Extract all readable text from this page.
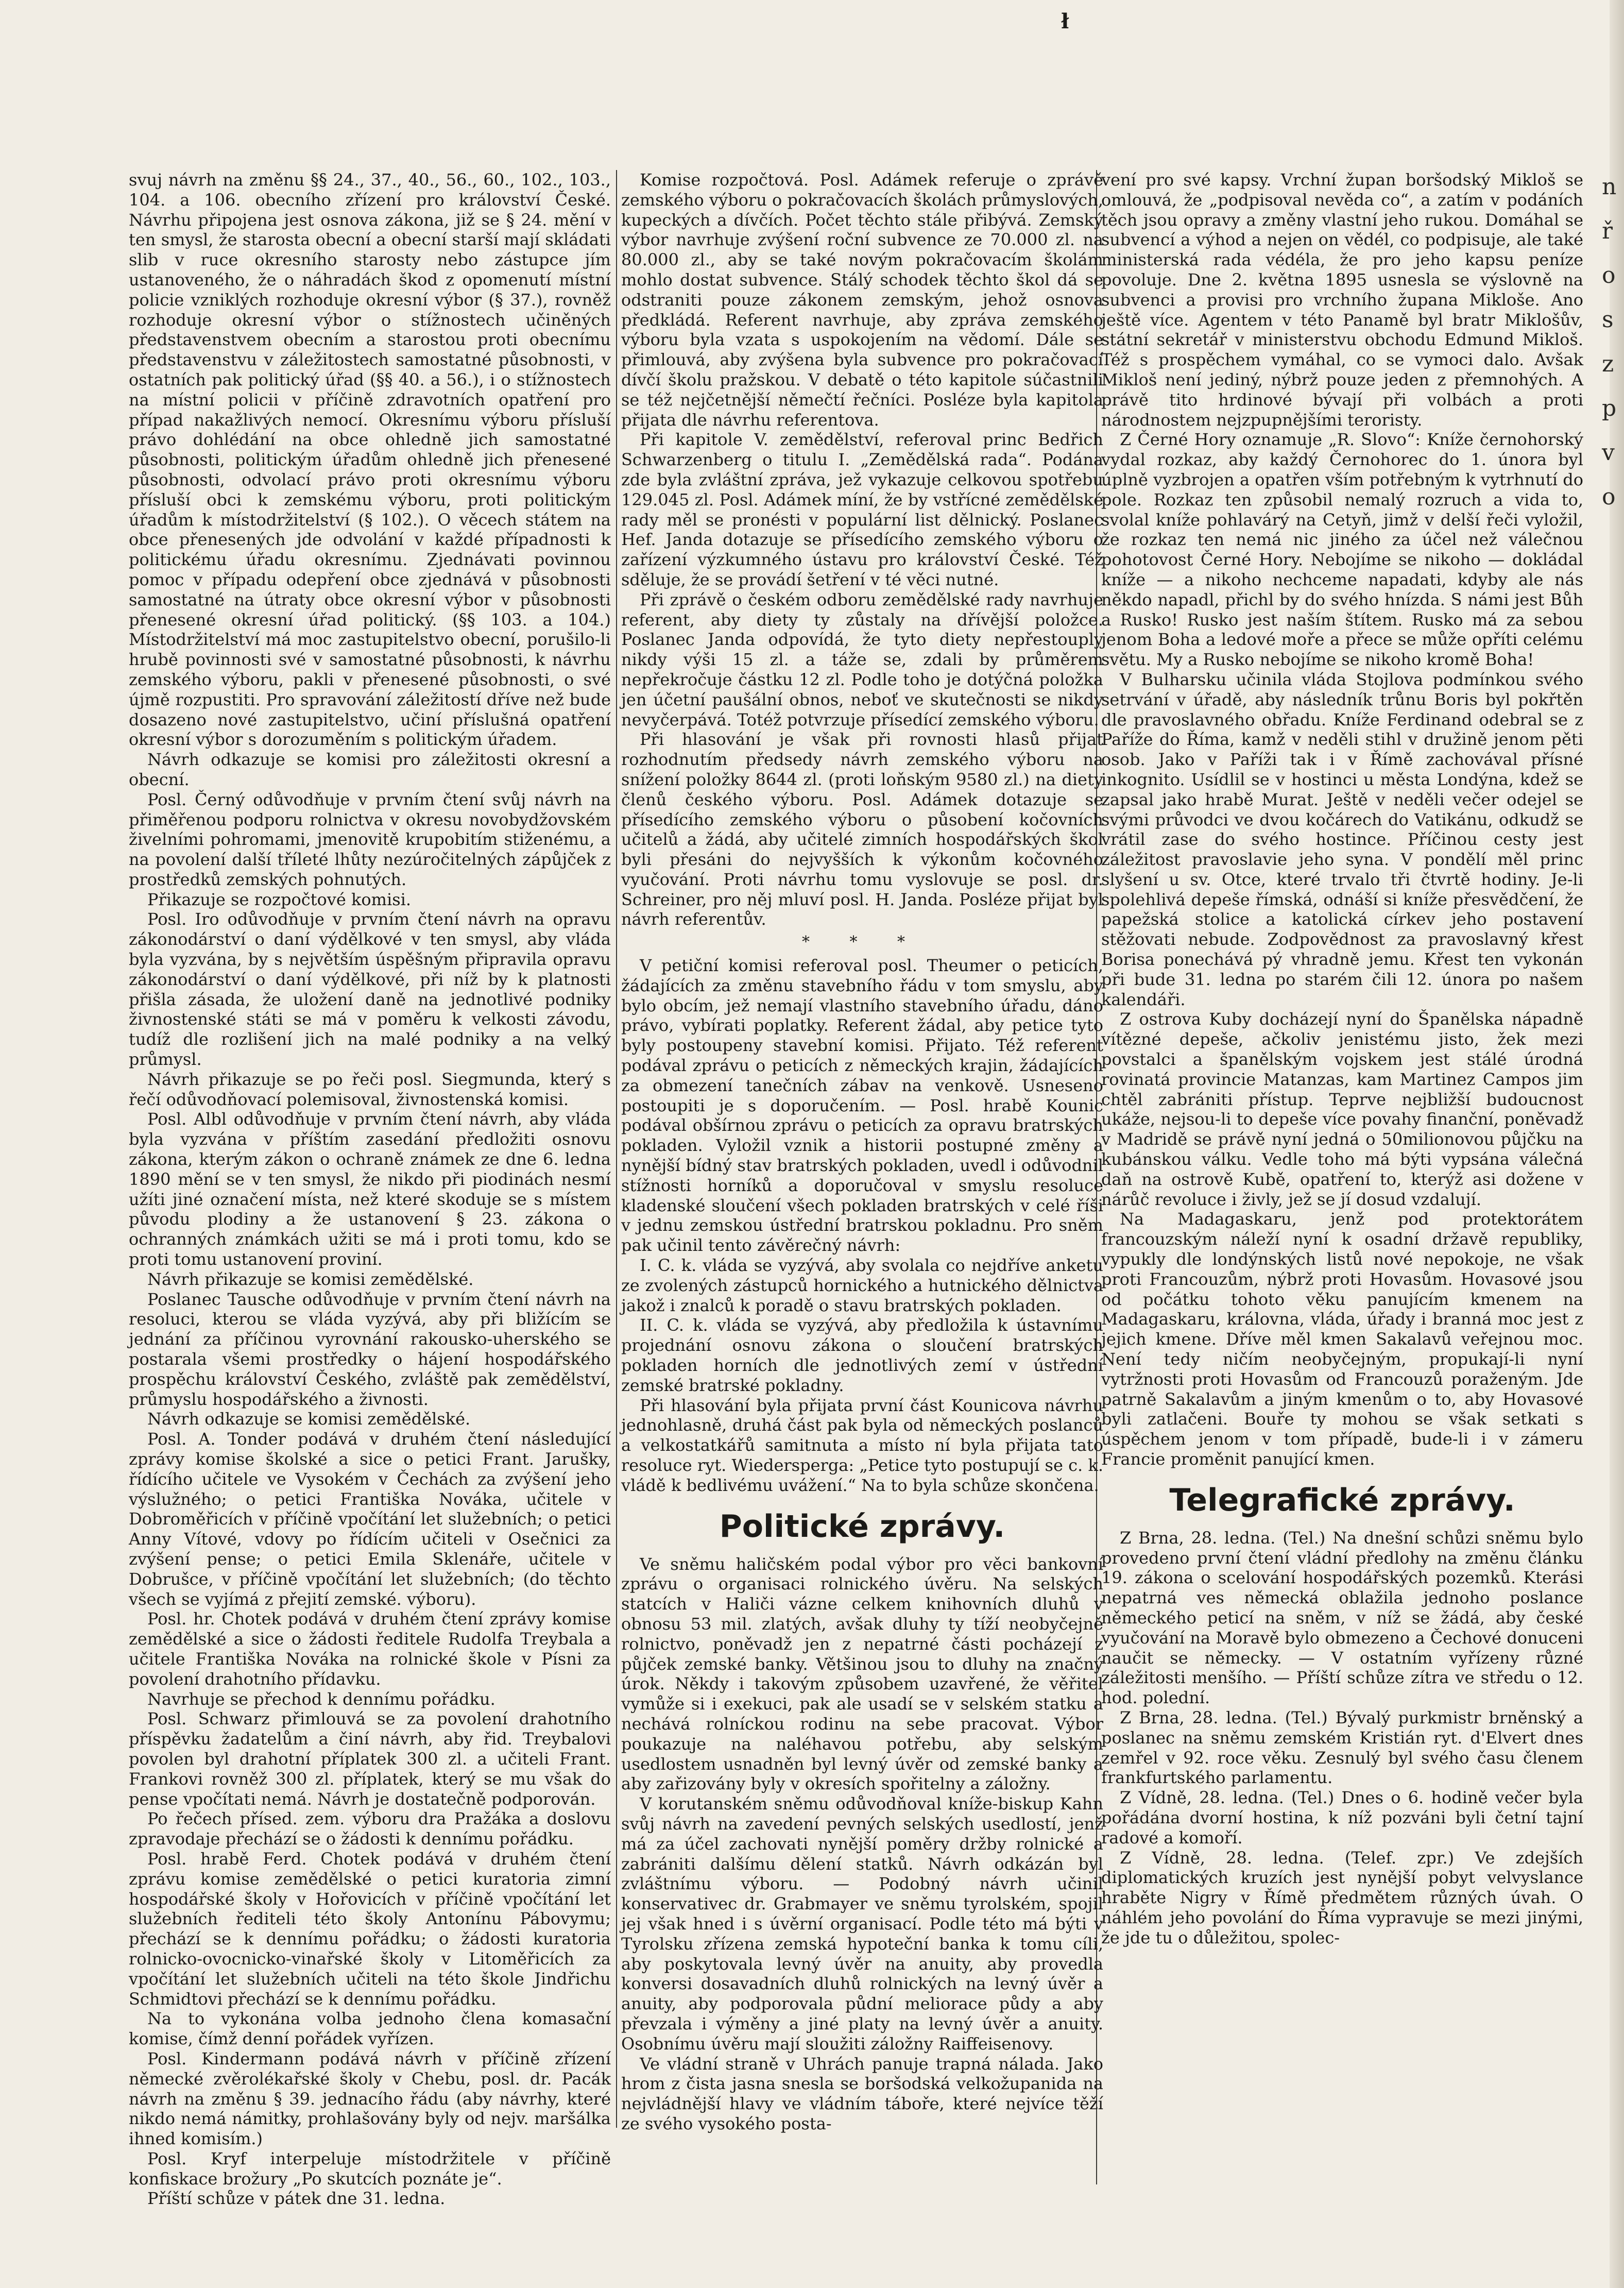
ł
n
ř
o
s
z
p
v
o

svuj návrh na změnu §§ 24., 37., 40., 56., 60., 102., 103., 104. a 106. obecního zřízení pro království České. Návrhu připojena jest osnova zákona, již se § 24. mění v ten smysl, že starosta obecní a obecní starší mají skládati slib v ruce okresního starosty nebo zástupce jím ustanoveného, že o náhradách škod z opomenutí místní policie vzniklých rozhoduje okresní výbor (§ 37.), rovněž rozhoduje okresní výbor o stížnostech učiněných představenstvem obecním a starostou proti obecnímu představenstvu v záležitostech samostatné působnosti, v ostatních pak politický úřad (§§ 40. a 56.), i o stížnostech na místní policii v příčině zdravotních opatření pro případ nakažlivých nemocí. Okresnímu výboru přísluší právo dohlédání na obce ohledně jich samostatné působnosti, politickým úřadům ohledně jich přenesené působnosti, odvolací právo proti okresnímu výboru přísluší obci k zemskému výboru, proti politickým úřadům k místodržitelství (§ 102.). O věcech státem na obce přenesených jde odvolání v každé případnosti k politickému úřadu okresnímu. Zjednávati povinnou pomoc v případu odepření obce zjednává v působnosti samostatné na útraty obce okresní výbor v působnosti přenesené okresní úřad politický. (§§ 103. a 104.) Místodržitelství má moc zastupitelstvo obecní, porušilo-li hrubě povinnosti své v samostatné působnosti, k návrhu zemského výboru, pakli v přenesené působnosti, o své újmě rozpustiti. Pro spravování záležitostí dříve než bude dosazeno nové zastupitelstvo, učiní příslušná opatření okresní výbor s dorozuměním s politickým úřadem.

Návrh odkazuje se komisi pro záležitosti okresní a obecní.

Posl. Černý odůvodňuje v prvním čtení svůj návrh na přiměřenou podporu rolnictva v okresu novobydžovském živelními pohromami, jmenovitě krupobitím stiženému, a na povolení další tříleté lhůty nezúročitelných zápůjček z prostředků zemských pohnutých.

Přikazuje se rozpočtové komisi.

Posl. Iro odůvodňuje v prvním čtení návrh na opravu zákonodárství o daní výdělkové v ten smysl, aby vláda byla vyzvána, by s největším úspěšným připravila opravu zákonodárství o daní výdělkové, při níž by k platnosti přišla zásada, že uložení daně na jednotlivé podniky živnostenské státi se má v poměru k velkosti závodu, tudíž dle rozlišení jich na malé podniky a na velký průmysl.

Návrh přikazuje se po řeči posl. Siegmunda, který s řečí odůvodňovací polemisoval, živnostenská komisi.

Posl. Albl odůvodňuje v prvním čtení návrh, aby vláda byla vyzvána v příštím zasedání předložiti osnovu zákona, kterým zákon o ochraně známek ze dne 6. ledna 1890 mění se v ten smysl, že nikdo při piodinách nesmí užíti jiné označení místa, než které skoduje se s místem původu plodiny a že ustanovení § 23. zákona o ochranných známkách užiti se má i proti tomu, kdo se proti tomu ustanovení proviní.

Návrh přikazuje se komisi zemědělské.

Poslanec Tausche odůvodňuje v prvním čtení návrh na resoluci, kterou se vláda vyzývá, aby při bližícím se jednání za příčinou vyrovnání rakousko-uherského se postarala všemi prostředky o hájení hospodářského prospěchu království Českého, zvláště pak zemědělství, průmyslu hospodářského a živnosti.

Návrh odkazuje se komisi zemědělské.

Posl. A. Tonder podává v druhém čtení následující zprávy komise školské a sice o petici Frant. Jarušky, řídícího učitele ve Vysokém v Čechách za zvýšení jeho výslužného; o petici Františka Nováka, učitele v Dobroměřicích v příčině vpočítání let služebních; o petici Anny Vítové, vdovy po řídícím učiteli v Osečnici za zvýšení pense; o petici Emila Sklenáře, učitele v Dobrušce, v příčině vpočítání let služebních; (do těchto všech se vyjímá z přejití zemské. výboru).

Posl. hr. Chotek podává v druhém čtení zprávy komise zemědělské a sice o žádosti ředitele Rudolfa Treybala a učitele Františka Nováka na rolnické škole v Písni za povolení drahotního přídavku.

Navrhuje se přechod k dennímu pořádku.

Posl. Schwarz přimlouvá se za povolení drahotního příspěvku žadatelům a činí návrh, aby řid. Treybalovi povolen byl drahotní příplatek 300 zl. a učiteli Frant. Frankovi rovněž 300 zl. příplatek, který se mu však do pense vpočítati nemá. Návrh je dostatečně podporován.

Po řečech přísed. zem. výboru dra Pražáka a doslovu zpravodaje přechází se o žádosti k dennímu pořádku.

Posl. hrabě Ferd. Chotek podává v druhém čtení zprávu komise zemědělské o petici kuratoria zimní hospodářské školy v Hořovicích v příčině vpočítání let služebních řediteli této školy Antonínu Pábovymu; přechází se k dennímu pořádku; o žádosti kuratoria rolnicko-ovocnicko-vinařské školy v Litoměřicích za vpočítání let služebních učiteli na této škole Jindřichu Schmidtovi přechází se k dennímu pořádku.

Na to vykonána volba jednoho člena komasační komise, čímž denní pořádek vyřízen.

Posl. Kindermann podává návrh v příčině zřízení německé zvěrolékařské školy v Chebu, posl. dr. Pacák návrh na změnu § 39. jednacího řádu (aby návrhy, které nikdo nemá námitky, prohlašovány byly od nejv. maršálka ihned komisím.)

Posl. Kryf interpeluje místodržitele v příčině konfiskace brožury „Po skutcích poznáte je“.

Příští schůze v pátek dne 31. ledna.

Komise rozpočtová. Posl. Adámek referuje o zprávě zemského výboru o pokračovacích školách průmyslových, kupeckých a dívčích. Počet těchto stále přibývá. Zemský výbor navrhuje zvýšení roční subvence ze 70.000 zl. na 80.000 zl., aby se také novým pokračovacím školám mohlo dostat subvence. Stálý schodek těchto škol dá se odstraniti pouze zákonem zemským, jehož osnova předkládá. Referent navrhuje, aby zpráva zemského výboru byla vzata s uspokojením na vědomí. Dále se přimlouvá, aby zvýšena byla subvence pro pokračovací dívčí školu pražskou. V debatě o této kapitole súčastnili se též nejčetnější němečtí řečníci. Posléze byla kapitola přijata dle návrhu referentova.

Při kapitole V. zemědělství, referoval princ Bedřich Schwarzenberg o titulu I. „Zemědělská rada“. Podána zde byla zvláštní zpráva, jež vykazuje celkovou spotřebu 129.045 zl. Posl. Adámek míní, že by vstřícné zemědělské rady měl se pronésti v populární list dělnický. Poslanec Hef. Janda dotazuje se přísedícího zemského výboru o zařízení výzkumného ústavu pro království České. Též sděluje, že se provádí šetření v té věci nutné.

Při zprávě o českém odboru zemědělské rady navrhuje referent, aby diety ty zůstaly na dřívější položce. Poslanec Janda odpovídá, že tyto diety nepřestouply nikdy výši 15 zl. a táže se, zdali by průměrem nepřekročuje částku 12 zl. Podle toho je dotýčná položka jen účetní paušální obnos, neboť ve skutečnosti se nikdy nevyčerpává. Totéž potvrzuje přísedící zemského výboru.

Při hlasování je však při rovnosti hlasů přijat rozhodnutím předsedy návrh zemského výboru na snížení položky 8644 zl. (proti loňským 9580 zl.) na diety členů českého výboru. Posl. Adámek dotazuje se přísedícího zemského výboru o působení kočovních učitelů a žádá, aby učitelé zimních hospodářských škol byli přesáni do nejvyšších k výkonům kočovného vyučování. Proti návrhu tomu vyslovuje se posl. dr. Schreiner, pro něj mluví posl. H. Janda. Posléze přijat byl návrh referentův.

* * *

V petiční komisi referoval posl. Theumer o peticích, žádajících za změnu stavebního řádu v tom smyslu, aby bylo obcím, jež nemají vlastního stavebního úřadu, dáno právo, vybírati poplatky. Referent žádal, aby petice tyto byly postoupeny stavební komisi. Přijato. Též referent podával zprávu o peticích z německých krajin, žádajících za obmezení tanečních zábav na venkově. Usneseno postoupiti je s doporučením. — Posl. hrabě Kounic podával obšírnou zprávu o peticích za opravu bratrských pokladen. Vyložil vznik a historii postupné změny a nynější bídný stav bratrských pokladen, uvedl i odůvodnil stížnosti horníků a doporučoval v smyslu resoluce kladenské sloučení všech pokladen bratrských v celé říši v jednu zemskou ústřední bratrskou pokladnu. Pro sněm pak učinil tento závěrečný návrh:

I. C. k. vláda se vyzývá, aby svolala co nejdříve anketu ze zvolených zástupců hornického a hutnického dělnictva jakož i znalců k poradě o stavu bratrských pokladen.

II. C. k. vláda se vyzývá, aby předložila k ústavnímu projednání osnovu zákona o sloučení bratrských pokladen horních dle jednotlivých zemí v ústřední zemské bratrské pokladny.

Při hlasování byla přijata první část Kounicova návrhu jednohlasně, druhá část pak byla od německých poslanců a velkostatkářů samitnuta a místo ní byla přijata tato resoluce ryt. Wiedersperga: „Petice tyto postupují se c. k. vládě k bedlivému uvážení.“ Na to byla schůze skončena.

Politické zprávy.

Ve sněmu haličském podal výbor pro věci bankovní zprávu o organisaci rolnického úvěru. Na selských statcích v Haliči vázne celkem knihovních dluhů v obnosu 53 mil. zlatých, avšak dluhy ty tíží neobyčejně rolnictvo, poněvadž jen z nepatrné části pocházejí z půjček zemské banky. Většinou jsou to dluhy na značný úrok. Někdy i takovým způsobem uzavřené, že věřitel vymůže si i exekuci, pak ale usadí se v selském statku a nechává rolníckou rodinu na sebe pracovat. Výbor poukazuje na naléhavou potřebu, aby selským usedlostem usnadněn byl levný úvěr od zemské banky a aby zařizovány byly v okresích spořitelny a záložny.

V korutanském sněmu odůvodňoval kníže-biskup Kahn svůj návrh na zavedení pevných selských usedlostí, jenž má za účel zachovati nynější poměry držby rolnické a zabrániti dalšímu dělení statků. Návrh odkázán byl zvláštnímu výboru. — Podobný návrh učinil konservativec dr. Grabmayer ve sněmu tyrolském, spojil jej však hned i s úvěrní organisací. Podle této má býti v Tyrolsku zřízena zemská hypoteční banka k tomu cíli, aby poskytovala levný úvěr na anuity, aby provedla konversi dosavadních dluhů rolnických na levný úvěr a anuity, aby podporovala půdní meliorace půdy a aby převzala i výměny a jiné platy na levný úvěr a anuity. Osobnímu úvěru mají sloužiti záložny Raiffeisenovy.

Ve vládní straně v Uhrách panuje trapná nálada. Jako hrom z čista jasna snesla se boršodská velkožupanida na nejvládnější hlavy ve vládním táboře, které nejvíce těží ze svého vysokého posta-

vení pro své kapsy. Vrchní župan boršodský Mikloš se omlouvá, že „podpisoval nevěda co“, a zatím v podáních těch jsou opravy a změny vlastní jeho rukou. Domáhal se subvencí a výhod a nejen on vědél, co podpisuje, ale také ministerská rada védéla, že pro jeho kapsu peníze povoluje. Dne 2. května 1895 usnesla se výslovně na subvenci a provisi pro vrchního župana Mikloše. Ano ještě více. Agentem v této Panamě byl bratr Miklošův, státní sekretář v ministerstvu obchodu Edmund Mikloš. Též s prospěchem vymáhal, co se vymoci dalo. Avšak Mikloš není jediný, nýbrž pouze jeden z přemnohých. A právě tito hrdinové bývají při volbách a proti národnostem nejzpupnějšími teroristy.

Z Černé Hory oznamuje „R. Slovo“: Kníže černohorský vydal rozkaz, aby každý Černohorec do 1. února byl úplně vyzbrojen a opatřen vším potřebným k vytrhnutí do pole. Rozkaz ten způsobil nemalý rozruch a vida to, svolal kníže pohlavárý na Cetyň, jimž v delší řeči vyložil, že rozkaz ten nemá nic jiného za účel než válečnou pohotovost Černé Hory. Nebojíme se nikoho — dokládal kníže — a nikoho nechceme napadati, kdyby ale nás někdo napadl, přichl by do svého hnízda. S námi jest Bůh a Rusko! Rusko jest naším štítem. Rusko má za sebou jenom Boha a ledové moře a přece se může opříti celému světu. My a Rusko nebojíme se nikoho kromě Boha!

V Bulharsku učinila vláda Stojlova podmínkou svého setrvání v úřadě, aby následník trůnu Boris byl pokřtěn dle pravoslavného obřadu. Kníže Ferdinand odebral se z Paříže do Říma, kamž v neděli stihl v družině jenom pěti osob. Jako v Paříži tak i v Římě zachovával přísné inkognito. Usídlil se v hostinci u města Londýna, kdež se zapsal jako hrabě Murat. Ještě v neděli večer odejel se svými průvodci ve dvou kočárech do Vatikánu, odkudž se vrátil zase do svého hostince. Příčinou cesty jest záležitost pravoslavie jeho syna. V pondělí měl princ slyšení u sv. Otce, které trvalo tři čtvrtě hodiny. Je-li spolehlivá depeše římská, odnáší si kníže přesvědčení, že papežská stolice a katolická církev jeho postavení stěžovati nebude. Zodpovědnost za pravoslavný křest Borisa ponechává pý vhradně jemu. Křest ten vykonán při bude 31. ledna po starém čili 12. února po našem kalendáři.

Z ostrova Kuby docházejí nyní do Španělska nápadně vítězné depeše, ačkoliv jenistému jisto, žek mezi povstalci a španělským vojskem jest stálé úrodná rovinatá provincie Matanzas, kam Martinez Campos jim chtěl zabrániti přístup. Teprve nejbližší budoucnost ukáže, nejsou-li to depeše více povahy finanční, poněvadž v Madridě se právě nyní jedná o 50milionovou půjčku na kubánskou válku. Vedle toho má býti vypsána válečná daň na ostrově Kubě, opatření to, kterýž asi dožene v nárůč revoluce i živly, jež se jí dosud vzdalují.

Na Madagaskaru, jenž pod protektorátem francouzským náleží nyní k osadní državě republiky, vypukly dle londýnských listů nové nepokoje, ne však proti Francouzům, nýbrž proti Hovasům. Hovasové jsou od počátku tohoto věku panujícím kmenem na Madagaskaru, královna, vláda, úřady i branná moc jest z jejich kmene. Dříve měl kmen Sakalavů veřejnou moc. Není tedy ničím neobyčejným, propukají-li nyní vytržnosti proti Hovasům od Francouzů poraženým. Jde patrně Sakalavům a jiným kmenům o to, aby Hovasové byli zatlačeni. Bouře ty mohou se však setkati s úspěchem jenom v tom případě, bude-li i v zámeru Francie proměnit panující kmen.

Telegrafické zprávy.

Z Brna, 28. ledna. (Tel.) Na dnešní schůzi sněmu bylo provedeno první čtení vládní předlohy na změnu článku 19. zákona o scelování hospodářských pozemků. Kterási nepatrná ves německá oblažila jednoho poslance německého peticí na sněm, v níž se žádá, aby české vyučování na Moravě bylo obmezeno a Čechové donuceni naučit se německy. — V ostatním vyřízeny různé záležitosti menšího. — Příští schůze zítra ve středu o 12. hod. polední.

Z Brna, 28. ledna. (Tel.) Bývalý purkmistr brněnský a poslanec na sněmu zemském Kristián ryt. d'Elvert dnes zemřel v 92. roce věku. Zesnulý byl svého času členem frankfurtského parlamentu.

Z Vídně, 28. ledna. (Tel.) Dnes o 6. hodině večer byla pořádána dvorní hostina, k níž pozváni byli četní tajní radové a komoří.

Z Vídně, 28. ledna. (Telef. zpr.) Ve zdejších diplomatických kruzích jest nynější pobyt velvyslance hraběte Nigry v Římě předmětem různých úvah. O náhlém jeho povolání do Říma vypravuje se mezi jinými, že jde tu o důležitou, spolec-
